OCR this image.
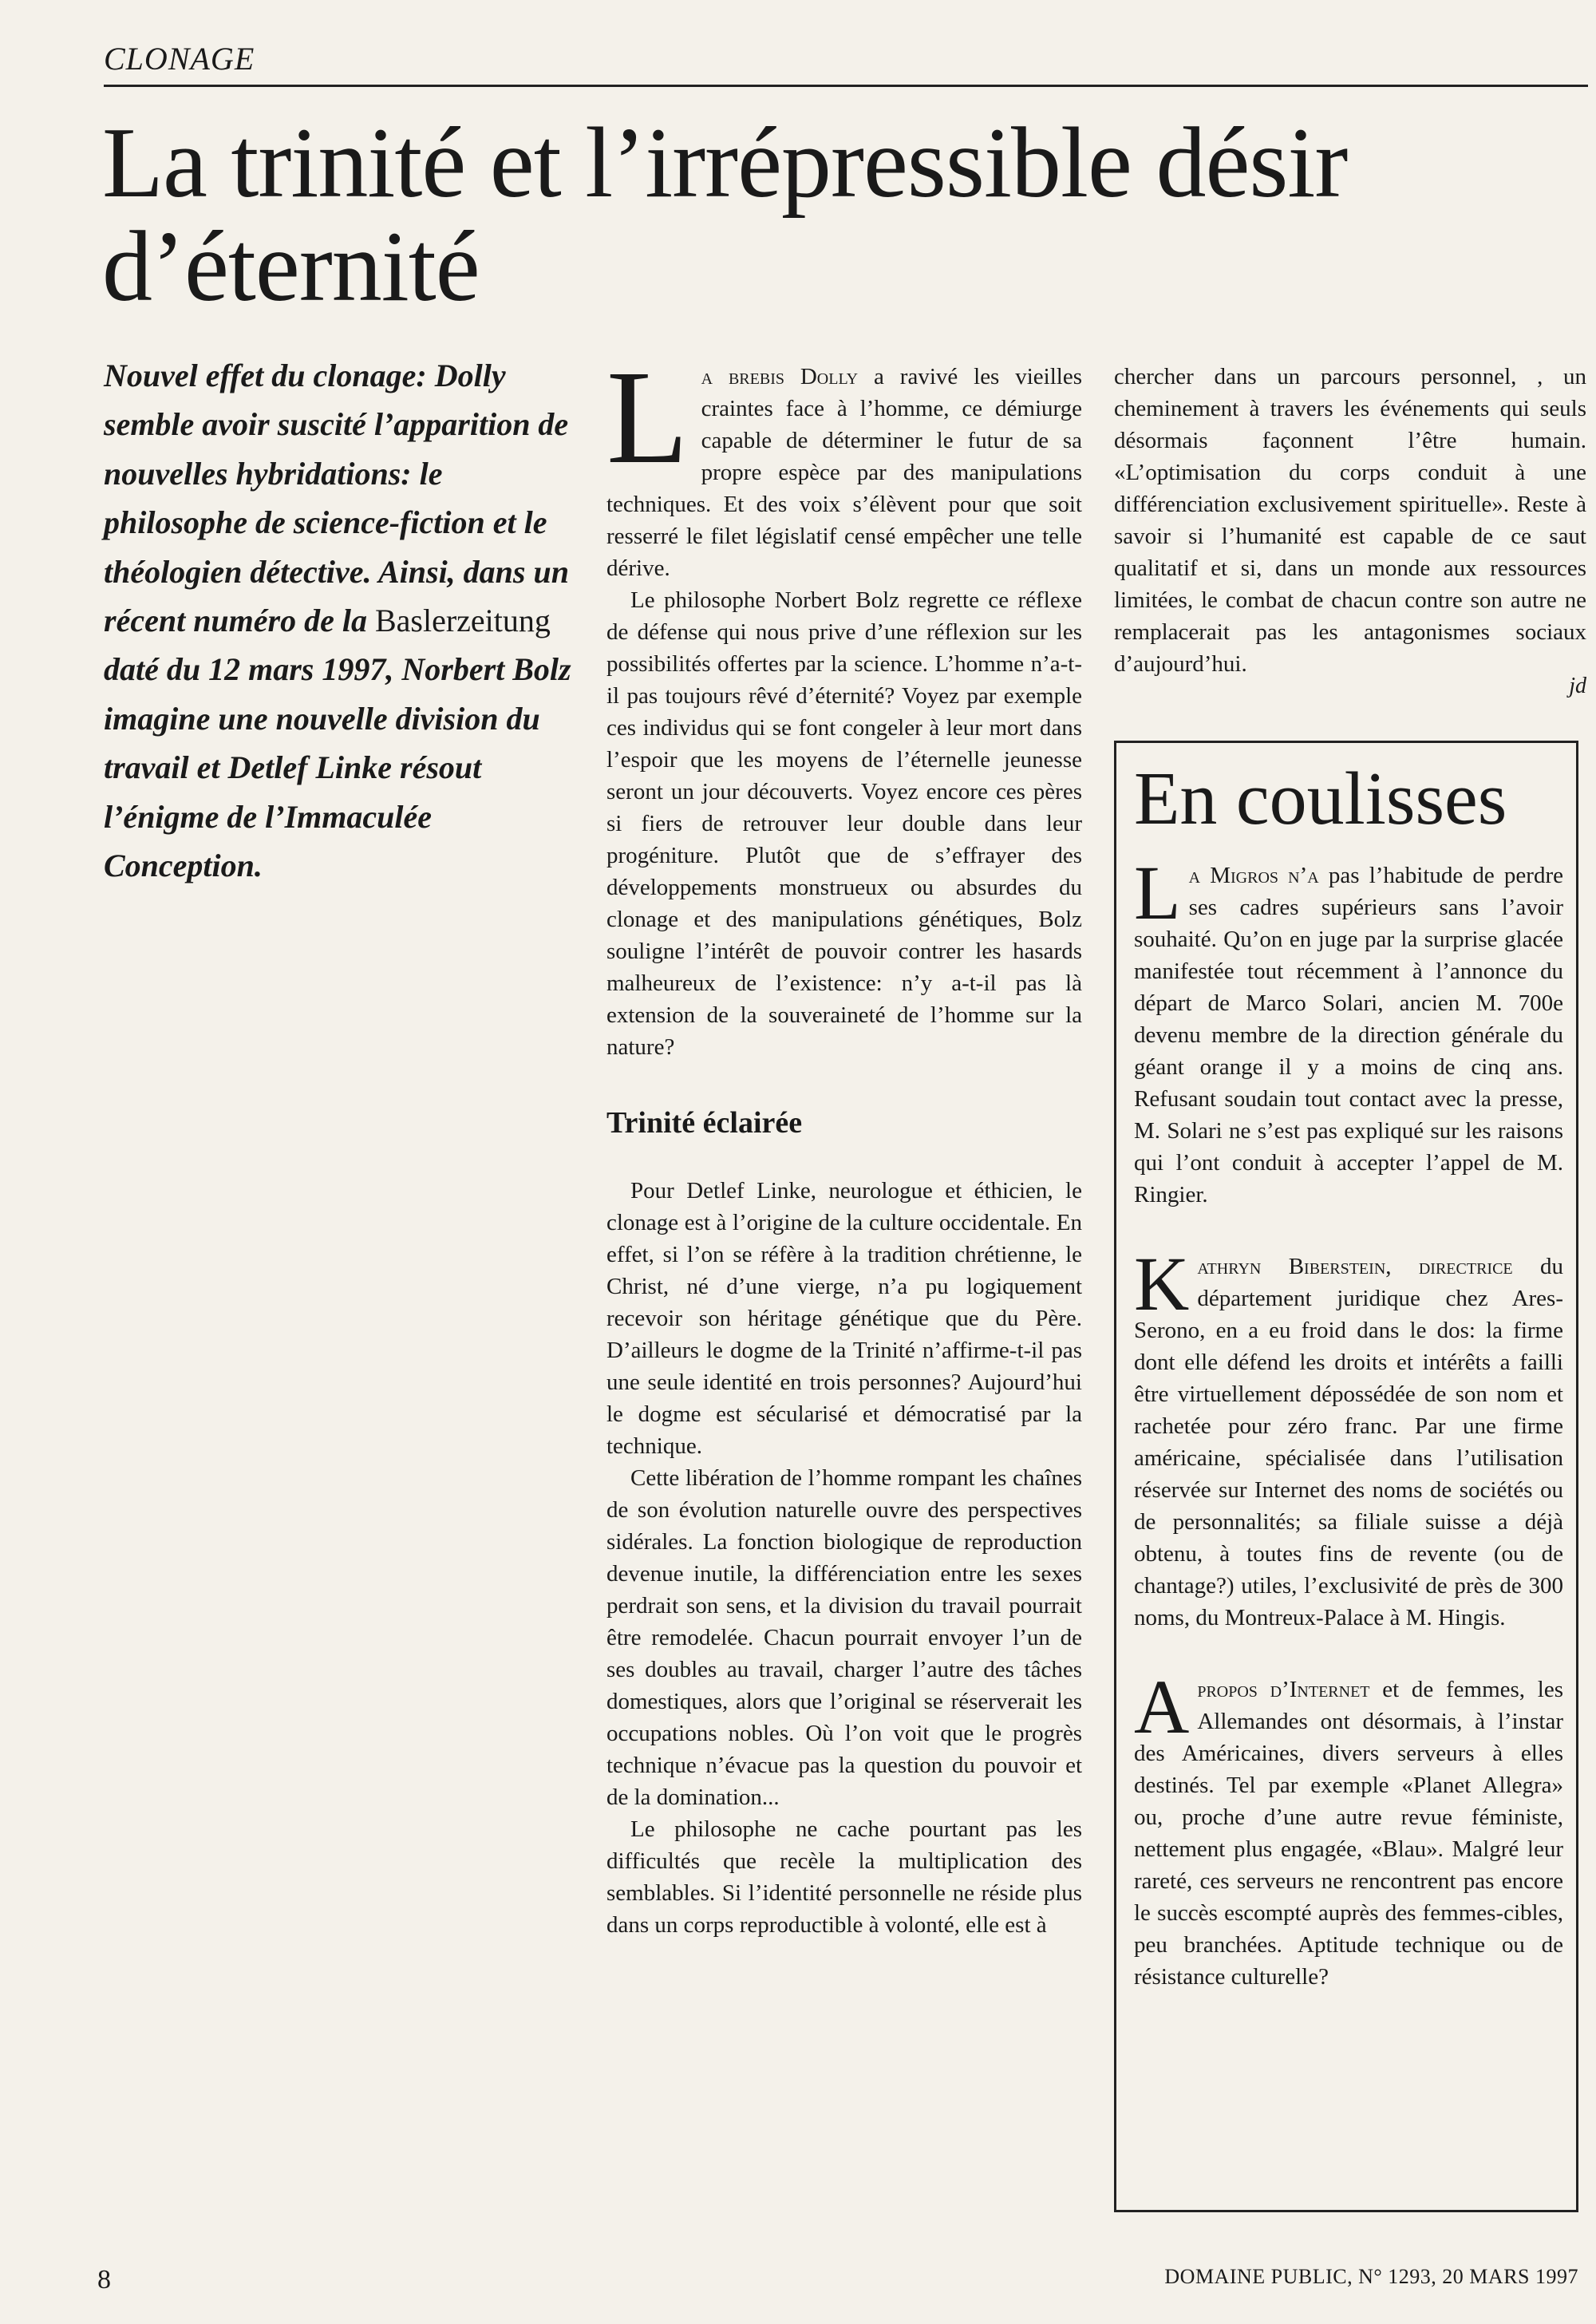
CLONAGE
La trinité et l’irrépressible désir d’éternité

Nouvel effet du clonage: Dolly semble avoir suscité l’apparition de nouvelles hybridations: le philosophe de science-fiction et le théologien détective. Ainsi, dans un récent numéro de la Baslerzeitung daté du 12 mars 1997, Norbert Bolz imagine une nouvelle division du travail et Detlef Linke résout l’énigme de l’Immaculée Conception.

La brebis Dolly a ravivé les vieilles craintes face à l’homme, ce démiurge capable de déterminer le futur de sa propre espèce par des manipulations techniques. Et des voix s’élèvent pour que soit resserré le filet législatif censé empêcher une telle dérive.

Le philosophe Norbert Bolz regrette ce réflexe de défense qui nous prive d’une réflexion sur les possibilités offertes par la science. L’homme n’a-t-il pas toujours rêvé d’éternité? Voyez par exemple ces individus qui se font congeler à leur mort dans l’espoir que les moyens de l’éternelle jeunesse seront un jour découverts. Voyez encore ces pères si fiers de retrouver leur double dans leur progéniture. Plutôt que de s’effrayer des développements monstrueux ou absurdes du clonage et des manipulations génétiques, Bolz souligne l’intérêt de pouvoir contrer les hasards malheureux de l’existence: n’y a-t-il pas là extension de la souveraineté de l’homme sur la nature?

Trinité éclairée

Pour Detlef Linke, neurologue et éthicien, le clonage est à l’origine de la culture occidentale. En effet, si l’on se réfère à la tradition chrétienne, le Christ, né d’une vierge, n’a pu logiquement recevoir son héritage génétique que du Père. D’ailleurs le dogme de la Trinité n’affirme-t-il pas une seule identité en trois personnes? Aujourd’hui le dogme est sécularisé et démocratisé par la technique.

Cette libération de l’homme rompant les chaînes de son évolution naturelle ouvre des perspectives sidérales. La fonction biologique de reproduction devenue inutile, la différenciation entre les sexes perdrait son sens, et la division du travail pourrait être remodelée. Chacun pourrait envoyer l’un de ses doubles au travail, charger l’autre des tâches domestiques, alors que l’original se réserverait les occupations nobles. Où l’on voit que le progrès technique n’évacue pas la question du pouvoir et de la domination...

Le philosophe ne cache pourtant pas les difficultés que recèle la multiplication des semblables. Si l’identité personnelle ne réside plus dans un corps reproductible à volonté, elle est à

chercher dans un parcours personnel, , un cheminement à travers les événements qui seuls désormais façonnent l’être humain. «L’optimisation du corps conduit à une différenciation exclusivement spirituelle». Reste à savoir si l’humanité est capable de ce saut qualitatif et si, dans un monde aux ressources limitées, le combat de chacun contre son autre ne remplacerait pas les antagonismes sociaux d’aujourd’hui.

jd
En coulisses

La Migros n’a pas l’habitude de perdre ses cadres supérieurs sans l’avoir souhaité. Qu’on en juge par la surprise glacée manifestée tout récemment à l’annonce du départ de Marco Solari, ancien M. 700e devenu membre de la direction générale du géant orange il y a moins de cinq ans. Refusant soudain tout contact avec la presse, M. Solari ne s’est pas expliqué sur les raisons qui l’ont conduit à accepter l’appel de M. Ringier.

Kathryn Biberstein, directrice du département juridique chez Ares-Serono, en a eu froid dans le dos: la firme dont elle défend les droits et intérêts a failli être virtuellement dépossédée de son nom et rachetée pour zéro franc. Par une firme américaine, spécialisée dans l’utilisation réservée sur Internet des noms de sociétés ou de personnalités; sa filiale suisse a déjà obtenu, à toutes fins de revente (ou de chantage?) utiles, l’exclusivité de près de 300 noms, du Montreux-Palace à M. Hingis.

Apropos d’Internet et de femmes, les Allemandes ont désormais, à l’instar des Américaines, divers serveurs à elles destinés. Tel par exemple «Planet Allegra» ou, proche d’une autre revue féministe, nettement plus engagée, «Blau». Malgré leur rareté, ces serveurs ne rencontrent pas encore le succès escompté auprès des femmes-cibles, peu branchées. Aptitude technique ou de résistance culturelle?

8	DOMAINE PUBLIC, N° 1293, 20 MARS 1997
